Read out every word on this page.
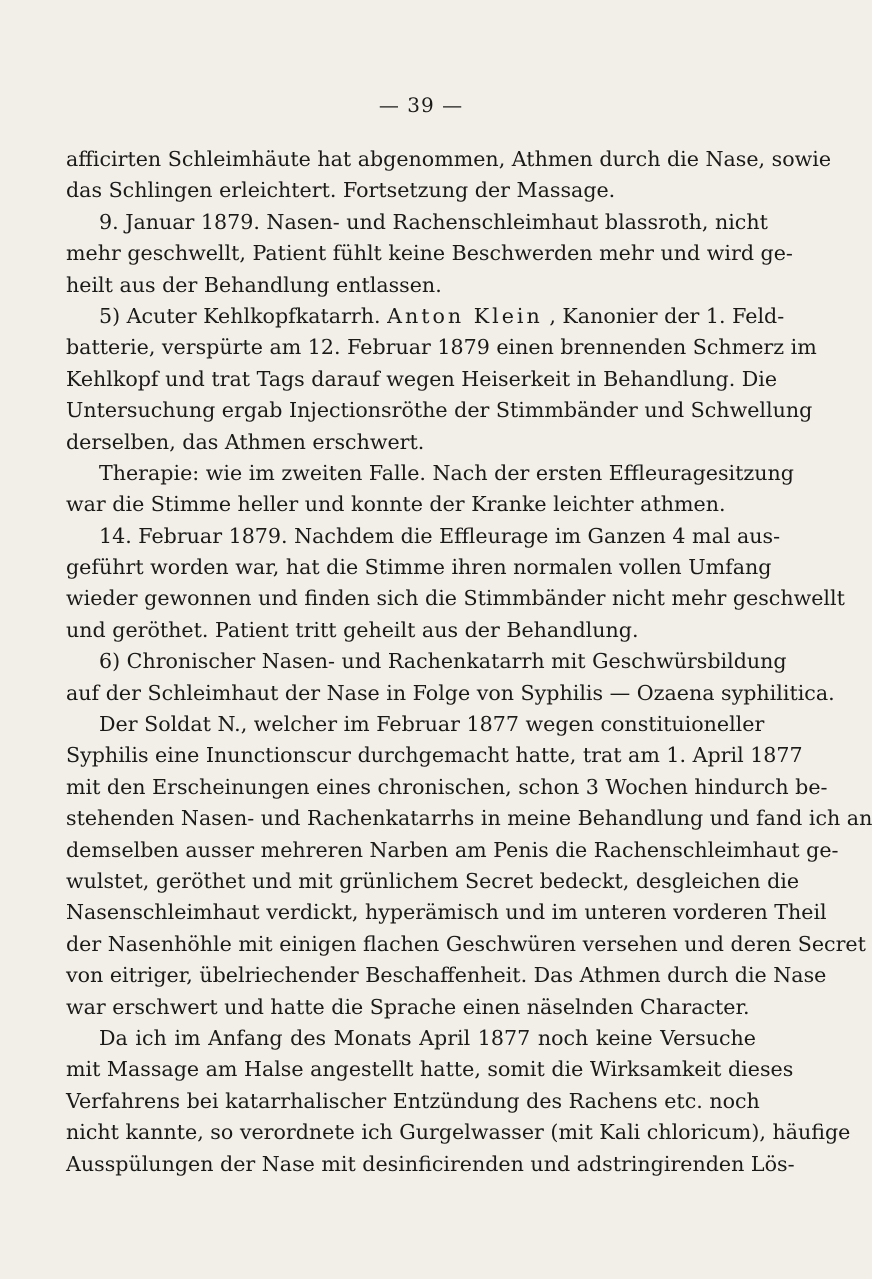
— 39 —
afficirten Schleimhäute hat abgenommen, Athmen durch die Nase, sowie
das Schlingen erleichtert. Fortsetzung der Massage.
9. Januar 1879. Nasen- und Rachenschleimhaut blassroth, nicht
mehr geschwellt, Patient fühlt keine Beschwerden mehr und wird ge-
heilt aus der Behandlung entlassen.
5) Acuter Kehlkopfkatarrh. Anton Klein , Kanonier der 1. Feld-
batterie, verspürte am 12. Februar 1879 einen brennenden Schmerz im
Kehlkopf und trat Tags darauf wegen Heiserkeit in Behandlung. Die
Untersuchung ergab Injectionsröthe der Stimmbänder und Schwellung
derselben, das Athmen erschwert.
Therapie: wie im zweiten Falle. Nach der ersten Effleuragesitzung
war die Stimme heller und konnte der Kranke leichter athmen.
14. Februar 1879. Nachdem die Effleurage im Ganzen 4 mal aus-
geführt worden war, hat die Stimme ihren normalen vollen Umfang
wieder gewonnen und finden sich die Stimmbänder nicht mehr geschwellt
und geröthet. Patient tritt geheilt aus der Behandlung.
6) Chronischer Nasen- und Rachenkatarrh mit Geschwürsbildung
auf der Schleimhaut der Nase in Folge von Syphilis — Ozaena syphilitica.
Der Soldat N., welcher im Februar 1877 wegen constituioneller
Syphilis eine Inunctionscur durchgemacht hatte, trat am 1. April 1877
mit den Erscheinungen eines chronischen, schon 3 Wochen hindurch be-
stehenden Nasen- und Rachenkatarrhs in meine Behandlung und fand ich an
demselben ausser mehreren Narben am Penis die Rachenschleimhaut ge-
wulstet, geröthet und mit grünlichem Secret bedeckt, desgleichen die
Nasenschleimhaut verdickt, hyperämisch und im unteren vorderen Theil
der Nasenhöhle mit einigen flachen Geschwüren versehen und deren Secret
von eitriger, übelriechender Beschaffenheit. Das Athmen durch die Nase
war erschwert und hatte die Sprache einen näselnden Character.
Da ich im Anfang des Monats April 1877 noch keine Versuche
mit Massage am Halse angestellt hatte, somit die Wirksamkeit dieses
Verfahrens bei katarrhalischer Entzündung des Rachens etc. noch
nicht kannte, so verordnete ich Gurgelwasser (mit Kali chloricum), häufige
Ausspülungen der Nase mit desinficirenden und adstringirenden Lös-
